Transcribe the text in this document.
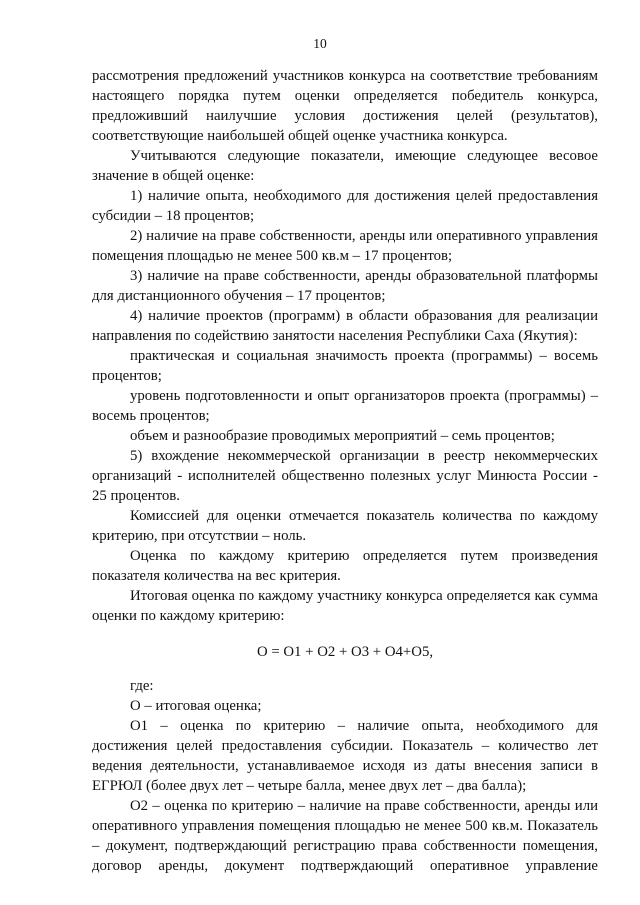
10

рассмотрения предложений участников конкурса на соответствие требованиям настоящего порядка путем оценки определяется победитель конкурса, предложивший наилучшие условия достижения целей (результатов), соответствующие наибольшей общей оценке участника конкурса.

Учитываются следующие показатели, имеющие следующее весовое значение в общей оценке:

1) наличие опыта, необходимого для достижения целей предоставления субсидии – 18 процентов;

2) наличие на праве собственности, аренды или оперативного управления помещения площадью не менее 500 кв.м – 17 процентов;

3) наличие на праве собственности, аренды образовательной платформы для дистанционного обучения – 17 процентов;

4) наличие проектов (программ) в области образования для реализации направления по содействию занятости населения Республики Саха (Якутия):

практическая и социальная значимость проекта (программы) – восемь процентов;

уровень подготовленности и опыт организаторов проекта (программы) – восемь процентов;

объем и разнообразие проводимых мероприятий – семь процентов;

5) вхождение некоммерческой организации в реестр некоммерческих организаций - исполнителей общественно полезных услуг Минюста России - 25 процентов.

Комиссией для оценки отмечается показатель количества по каждому критерию, при отсутствии – ноль.

Оценка по каждому критерию определяется путем произведения показателя количества на вес критерия.

Итоговая оценка по каждому участнику конкурса определяется как сумма оценки по каждому критерию:

О = О1 + О2 + О3 + О4+О5,

где:

О – итоговая оценка;

О1 – оценка по критерию – наличие опыта, необходимого для достижения целей предоставления субсидии. Показатель – количество лет ведения деятельности, устанавливаемое исходя из даты внесения записи в ЕГРЮЛ (более двух лет – четыре балла, менее двух лет – два балла);

О2 – оценка по критерию – наличие на праве собственности, аренды или оперативного управления помещения площадью не менее 500 кв.м. Показатель – документ, подтверждающий регистрацию права собственности помещения, договор аренды, документ подтверждающий оперативное управление
